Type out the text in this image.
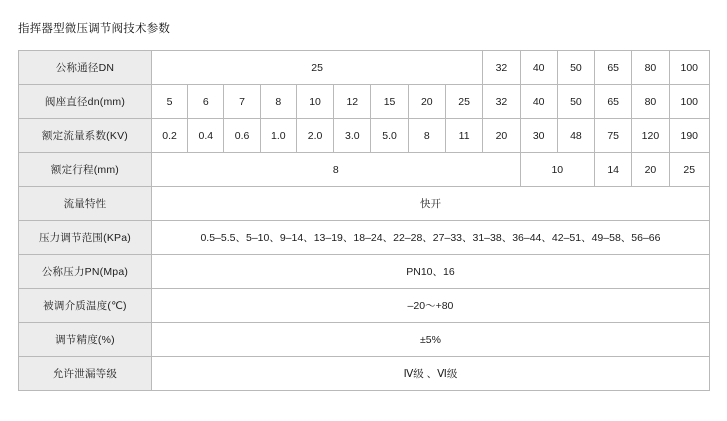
指挥器型微压调节阀技术参数
公称通径DN	25									32	40	50	65	80	100
阀座直径dn(mm)	5	6	7	8	10	12	15	20	25	32	40	50	65	80	100
额定流量系数(KV)	0.2	0.4	0.6	1.0	2.0	3.0	5.0	8	11	20	30	48	75	120	190
额定行程(mm)	8										10		14	20	25
流量特性	快开														
压力调节范围(KPa)	0.5–5.5、5–10、9–14、13–19、18–24、22–28、27–33、31–38、36–44、42–51、49–58、56–66														
公称压力PN(Mpa)	PN10、16														
被调介质温度(℃)	–20～+80														
调节精度(%)	±5%														
允许泄漏等级	Ⅳ级 、Ⅵ级														
